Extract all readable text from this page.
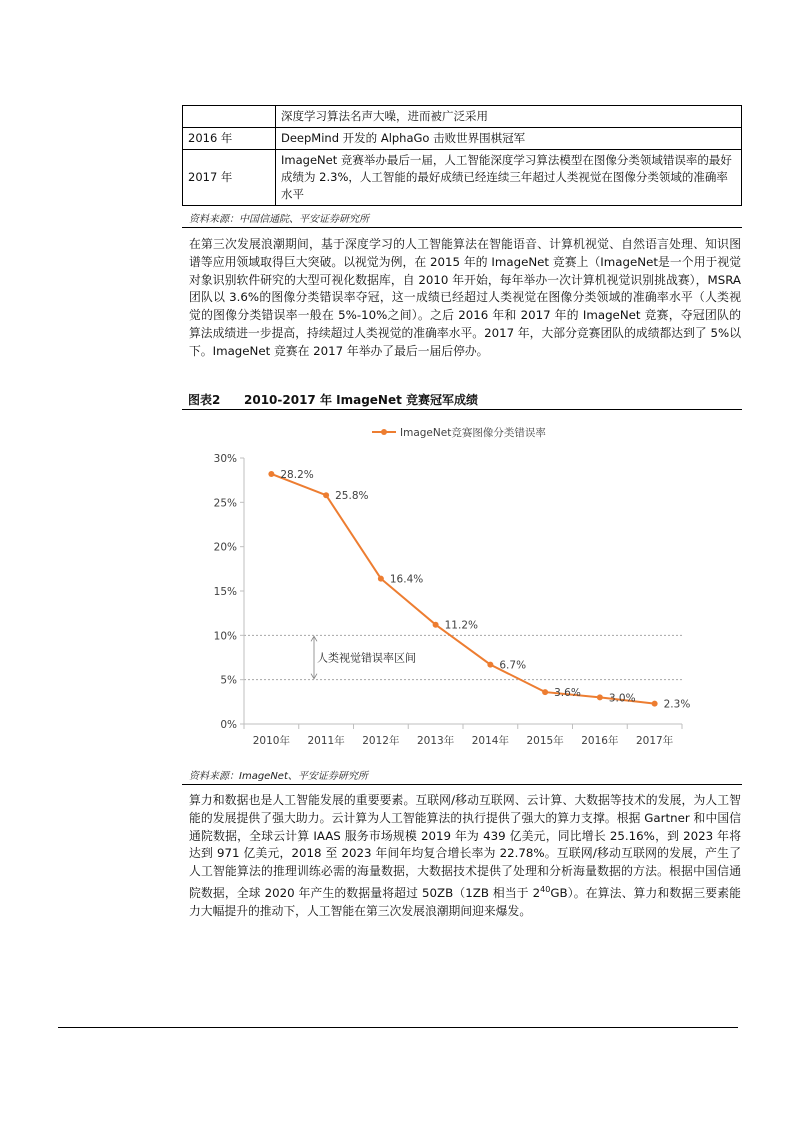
	深度学习算法名声大噪，进而被广泛采用
2016 年	DeepMind 开发的 AlphaGo 击败世界围棋冠军
2017 年	ImageNet 竞赛举办最后一届，人工智能深度学习算法模型在图像分类领域错误率的最好成绩为 2.3%，人工智能的最好成绩已经连续三年超过人类视觉在图像分类领域的准确率水平
资料来源：中国信通院、平安证券研究所

在第三次发展浪潮期间，基于深度学习的人工智能算法在智能语音、计算机视觉、自然语言处理、知识图谱等应用领域取得巨大突破。以视觉为例，在 2015 年的 ImageNet 竞赛上（ImageNet是一个用于视觉对象识别软件研究的大型可视化数据库，自 2010 年开始，每年举办一次计算机视觉识别挑战赛），MSRA 团队以 3.6%的图像分类错误率夺冠，这一成绩已经超过人类视觉在图像分类领域的准确率水平（人类视觉的图像分类错误率一般在 5%-10%之间）。之后 2016 年和 2017 年的 ImageNet 竞赛，夺冠团队的算法成绩进一步提高，持续超过人类视觉的准确率水平。2017 年，大部分竞赛团队的成绩都达到了 5%以下。ImageNet 竞赛在 2017 年举办了最后一届后停办。

图表2 2010-2017 年 ImageNet 竞赛冠军成绩
ImageNet竞赛图像分类错误率
0%
5%
10%
15%
20%
25%
30%
2010年 2011年 2012年 2013年 2014年 2015年 2016年 2017年
人类视觉错误率区间
28.2%
25.8%
16.4%
11.2%
6.7%
3.6%	3.0%
2.3%
资料来源：ImageNet、平安证券研究所

算力和数据也是人工智能发展的重要要素。互联网/移动互联网、云计算、大数据等技术的发展，为人工智能的发展提供了强大助力。云计算为人工智能算法的执行提供了强大的算力支撑。根据 Gartner 和中国信通院数据，全球云计算 IAAS 服务市场规模 2019 年为 439 亿美元，同比增长 25.16%，到 2023 年将达到 971 亿美元，2018 至 2023 年间年均复合增长率为 22.78%。互联网/移动互联网的发展，产生了人工智能算法的推理训练必需的海量数据，大数据技术提供了处理和分析海量数据的方法。根据中国信通院数据，全球 2020 年产生的数据量将超过 50ZB（1ZB 相当于 $2^{40}GB$）。在算法、算力和数据三要素能力大幅提升的推动下，人工智能在第三次发展浪潮期间迎来爆发。
